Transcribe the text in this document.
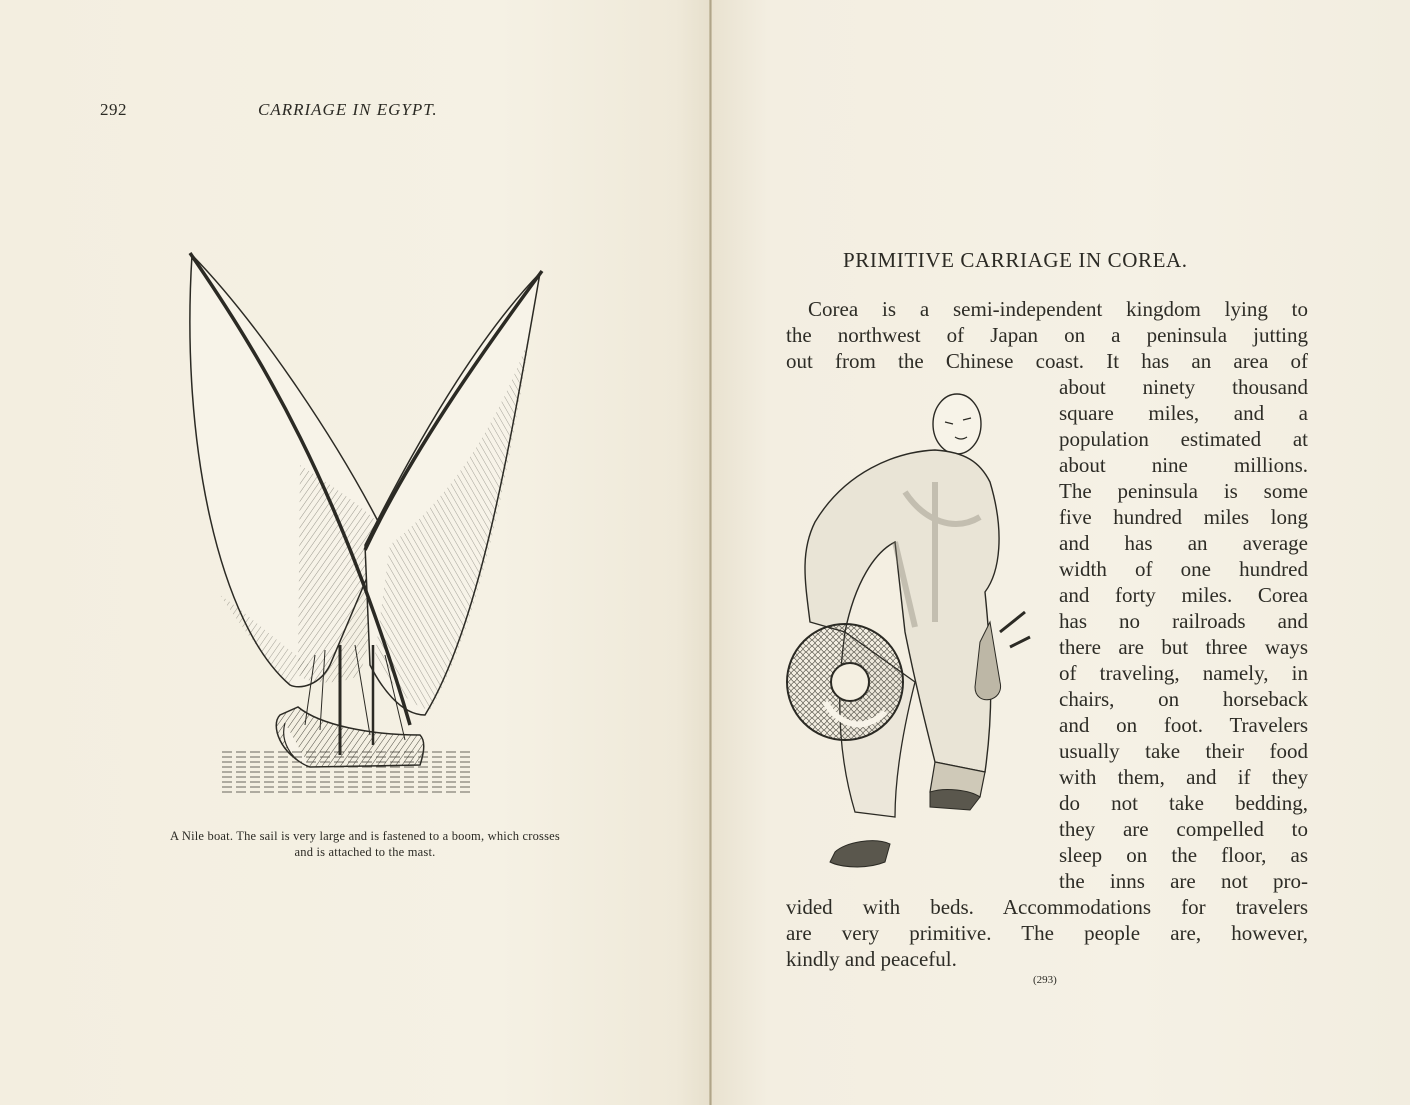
292	CARRIAGE IN EGYPT.
A Nile boat. The sail is very large and is fastened to a boom, which crosses
and is attached to the mast.
PRIMITIVE CARRIAGE IN COREA.
Corea is a semi-independent kingdom lying to
the northwest of Japan on a peninsula jutting
out from the Chinese coast. It has an area of
about ninety thousand
square miles, and a
population estimated at
about nine millions.
The peninsula is some
five hundred miles long
and has an average
width of one hundred
and forty miles. Corea
has no railroads and
there are but three ways
of traveling, namely, in
chairs, on horseback
and on foot. Travelers
usually take their food
with them, and if they
do not take bedding,
they are compelled to
sleep on the floor, as
the inns are not pro-
vided with beds. Accommodations for travelers
are very primitive. The people are, however,
kindly and peaceful.
(293)
